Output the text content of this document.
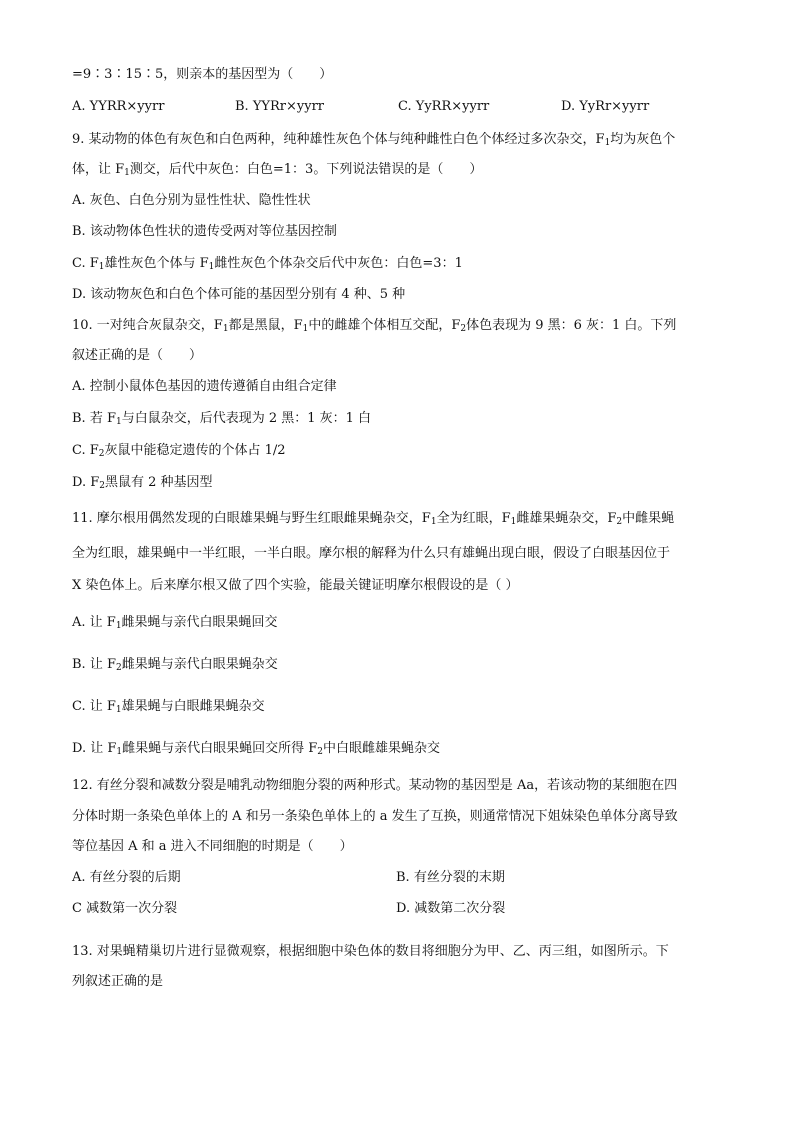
=9∶3∶15∶5，则亲本的基因型为（　　）
A. YYRR×yyrr	B. YYRr×yyrr	C. YyRR×yyrr	D. YyRr×yyrr
9. 某动物的体色有灰色和白色两种，纯种雄性灰色个体与纯种雌性白色个体经过多次杂交，$F_1$均为灰色个
体，让 $F_1$测交，后代中灰色：白色=1：3。下列说法错误的是（　　）
A. 灰色、白色分别为显性性状、隐性性状
B. 该动物体色性状的遗传受两对等位基因控制
C. $F_1$雄性灰色个体与 $F_1$雌性灰色个体杂交后代中灰色：白色=3：1
D. 该动物灰色和白色个体可能的基因型分别有 4 种、5 种
10. 一对纯合灰鼠杂交，$F_1$都是黑鼠，$F_1$中的雌雄个体相互交配，$F_2$体色表现为 9 黑：6 灰：1 白。下列
叙述正确的是（　　）
A. 控制小鼠体色基因的遗传遵循自由组合定律
B. 若 $F_1$与白鼠杂交，后代表现为 2 黑：1 灰：1 白
C. $F_2$灰鼠中能稳定遗传的个体占 1/2
D. $F_2$黑鼠有 2 种基因型
11. 摩尔根用偶然发现的白眼雄果蝇与野生红眼雌果蝇杂交，$F_1$全为红眼，$F_1$雌雄果蝇杂交，$F_2$中雌果蝇
全为红眼，雄果蝇中一半红眼，一半白眼。摩尔根的解释为什么只有雄蝇出现白眼，假设了白眼基因位于
X 染色体上。后来摩尔根又做了四个实验，能最关键证明摩尔根假设的是（ ）
A. 让 $F_1$雌果蝇与亲代白眼果蝇回交
B. 让 $F_2$雌果蝇与亲代白眼果蝇杂交
C. 让 $F_1$雄果蝇与白眼雌果蝇杂交
D. 让 $F_1$雌果蝇与亲代白眼果蝇回交所得 $F_2$中白眼雌雄果蝇杂交
12. 有丝分裂和减数分裂是哺乳动物细胞分裂的两种形式。某动物的基因型是 Aa，若该动物的某细胞在四
分体时期一条染色单体上的 A 和另一条染色单体上的 a 发生了互换，则通常情况下姐妹染色单体分离导致
等位基因 A 和 a 进入不同细胞的时期是（　　）
A. 有丝分裂的后期	B. 有丝分裂的末期
C 减数第一次分裂	D. 减数第二次分裂
13. 对果蝇精巢切片进行显微观察，根据细胞中染色体的数目将细胞分为甲、乙、丙三组，如图所示。下
列叙述正确的是
